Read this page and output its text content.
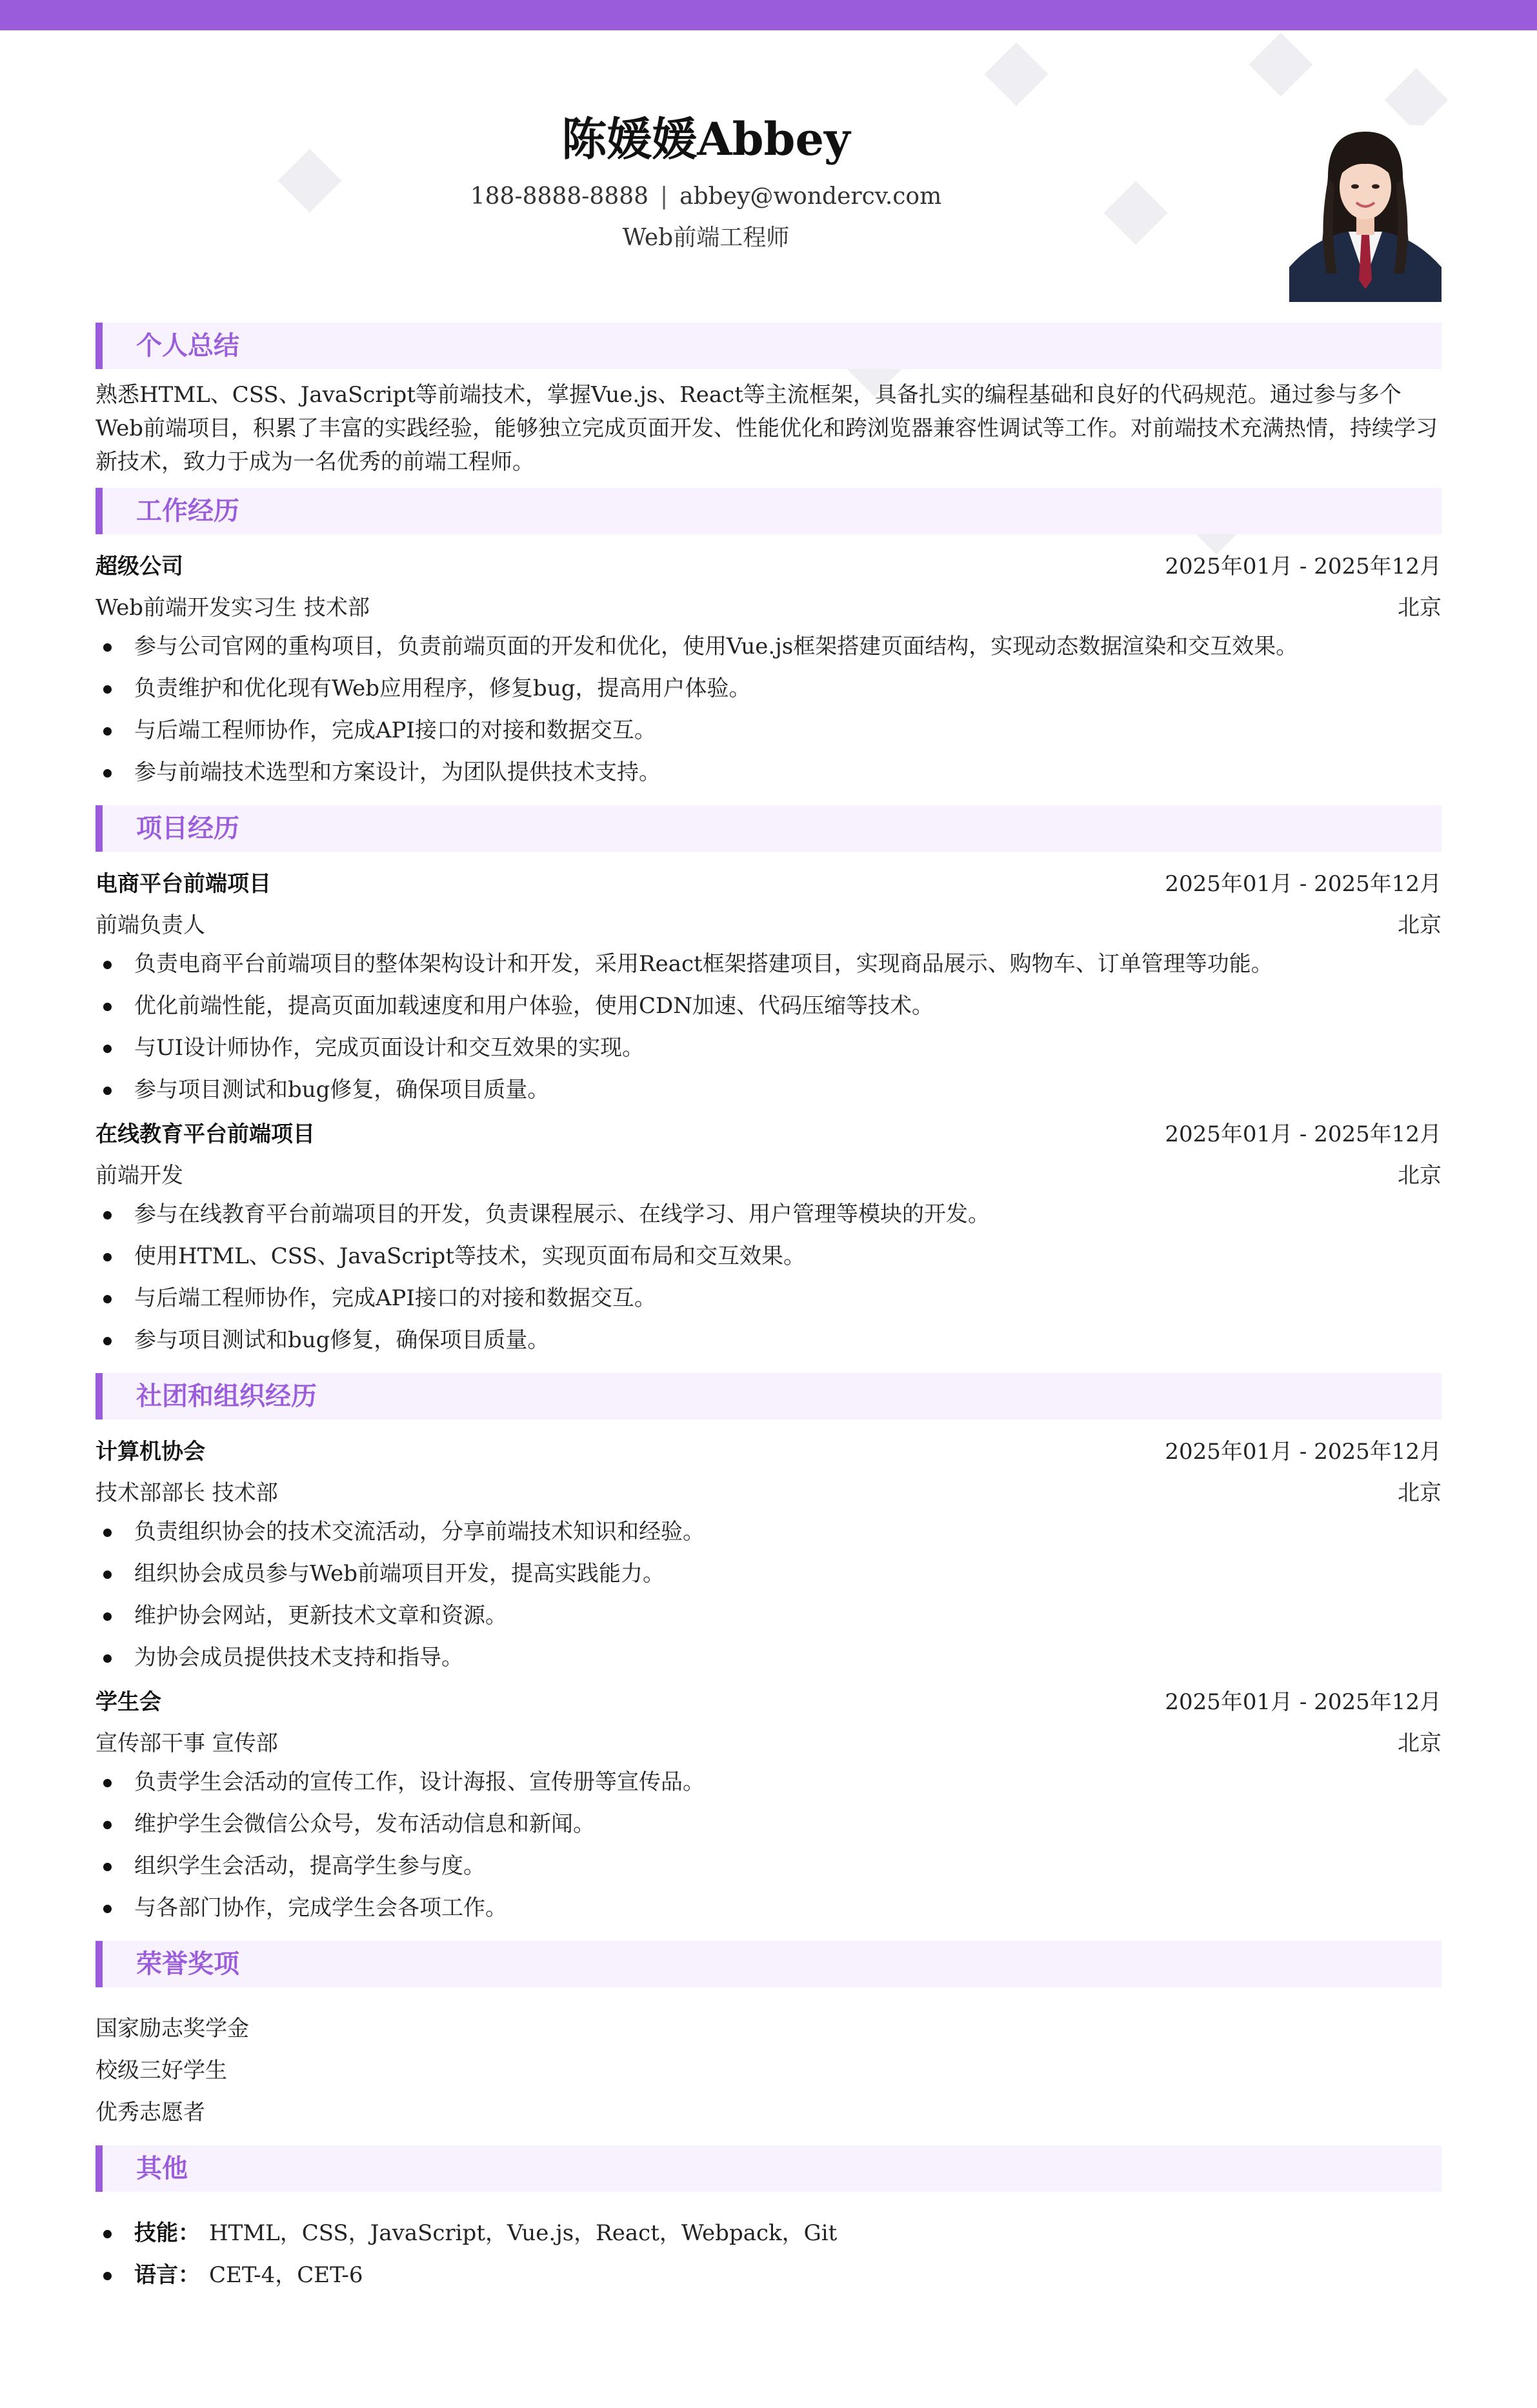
陈媛媛Abbey
188-8888-8888 | abbey@wondercv.com
Web前端工程师
个人总结
熟悉HTML、CSS、JavaScript等前端技术，掌握Vue.js、React等主流框架，具备扎实的编程基础和良好的代码规范。通过参与多个Web前端项目，积累了丰富的实践经验，能够独立完成页面开发、性能优化和跨浏览器兼容性调试等工作。对前端技术充满热情，持续学习新技术，致力于成为一名优秀的前端工程师。
工作经历
超级公司	2025年01月 - 2025年12月
Web前端开发实习生 技术部	北京
参与公司官网的重构项目，负责前端页面的开发和优化，使用Vue.js框架搭建页面结构，实现动态数据渲染和交互效果。
负责维护和优化现有Web应用程序，修复bug，提高用户体验。
与后端工程师协作，完成API接口的对接和数据交互。
参与前端技术选型和方案设计，为团队提供技术支持。
项目经历
电商平台前端项目	2025年01月 - 2025年12月
前端负责人	北京
负责电商平台前端项目的整体架构设计和开发，采用React框架搭建项目，实现商品展示、购物车、订单管理等功能。
优化前端性能，提高页面加载速度和用户体验，使用CDN加速、代码压缩等技术。
与UI设计师协作，完成页面设计和交互效果的实现。
参与项目测试和bug修复，确保项目质量。
在线教育平台前端项目	2025年01月 - 2025年12月
前端开发	北京
参与在线教育平台前端项目的开发，负责课程展示、在线学习、用户管理等模块的开发。
使用HTML、CSS、JavaScript等技术，实现页面布局和交互效果。
与后端工程师协作，完成API接口的对接和数据交互。
参与项目测试和bug修复，确保项目质量。
社团和组织经历
计算机协会	2025年01月 - 2025年12月
技术部部长 技术部	北京
负责组织协会的技术交流活动，分享前端技术知识和经验。
组织协会成员参与Web前端项目开发，提高实践能力。
维护协会网站，更新技术文章和资源。
为协会成员提供技术支持和指导。
学生会	2025年01月 - 2025年12月
宣传部干事 宣传部	北京
负责学生会活动的宣传工作，设计海报、宣传册等宣传品。
维护学生会微信公众号，发布活动信息和新闻。
组织学生会活动，提高学生参与度。
与各部门协作，完成学生会各项工作。
荣誉奖项
国家励志奖学金
校级三好学生
优秀志愿者
其他
技能： HTML，CSS，JavaScript，Vue.js，React，Webpack，Git
语言： CET-4，CET-6
